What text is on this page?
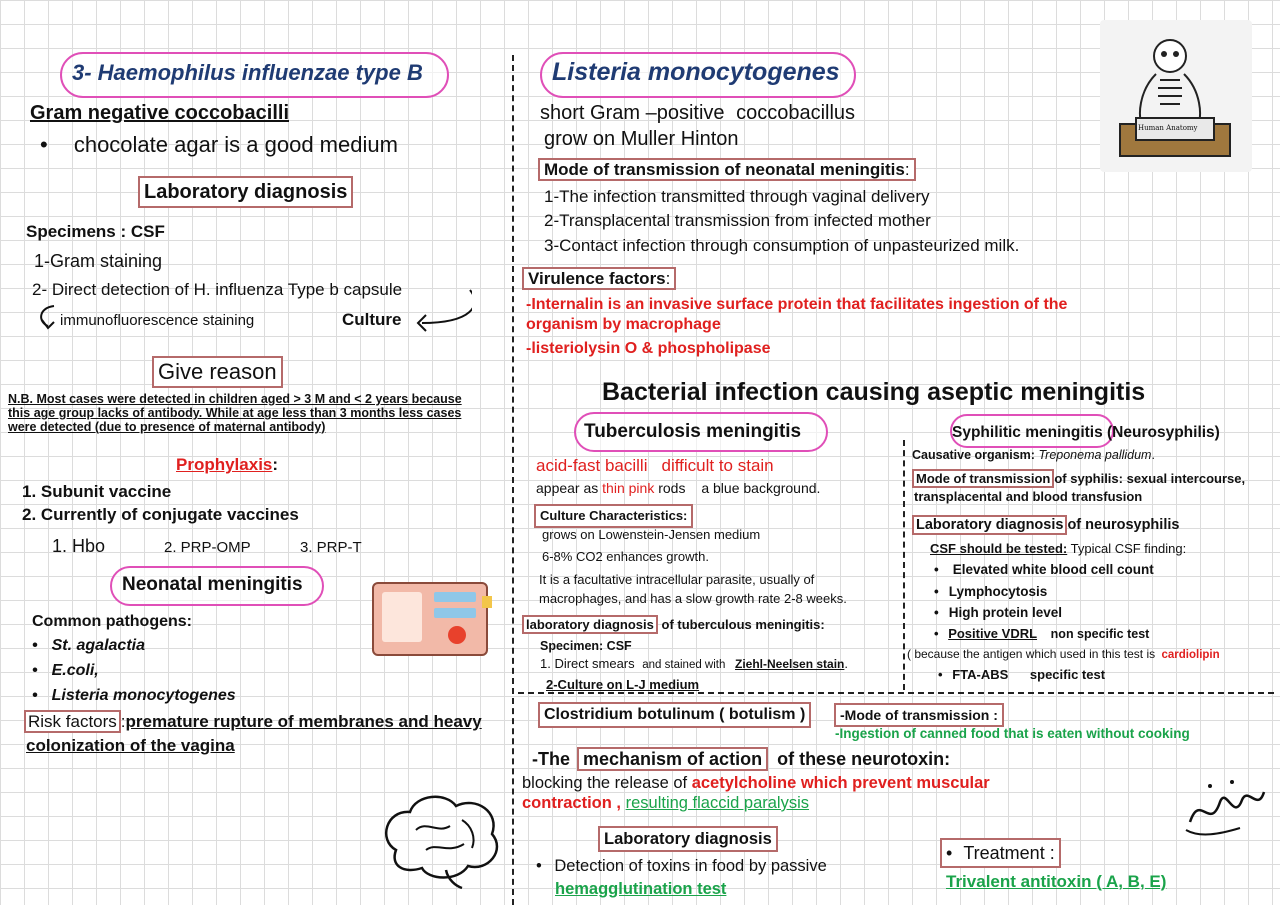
3- Haemophilus influenzae type B
Gram negative coccobacilli
• chocolate agar is a good medium
Laboratory diagnosis
Specimens : CSF
1-Gram staining
2- Direct detection of H. influenza Type b capsule
immunofluorescence staining	Culture
Give reason
N.B. Most cases were detected in children aged > 3 M and < 2 years because
this age group lacks of antibody. While at age less than 3 months less cases
were detected (due to presence of maternal antibody)
Prophylaxis:
1. Subunit vaccine
2. Currently of conjugate vaccines
1. Hbo	2. PRP-OMP	3. PRP-T
Neonatal meningitis
Common pathogens:
• St. agalactia
• E.coli,
• Listeria monocytogenes
Risk factors :premature rupture of membranes and heavy
colonization of the vagina
Listeria monocytogenes
short Gram –positive coccobacillus
grow on Muller Hinton
Mode of transmission of neonatal meningitis:
1-The infection transmitted through vaginal delivery
2-Transplacental transmission from infected mother
3-Contact infection through consumption of unpasteurized milk.
Virulence factors:
-Internalin is an invasive surface protein that facilitates ingestion of the
organism by macrophage
-listeriolysin O & phospholipase
Human Anatomy
Bacterial infection causing aseptic meningitis
Tuberculosis meningitis
acid-fast bacilli difficult to stain
appear as thin pink rods a blue background.
Culture Characteristics:
grows on Lowenstein-Jensen medium
6-8% CO2 enhances growth.
It is a facultative intracellular parasite, usually of
macrophages, and has a slow growth rate 2-8 weeks.
laboratory diagnosis of tuberculous meningitis:
Specimen: CSF
1. Direct smears and stained with Ziehl-Neelsen stain.
2-Culture on L-J medium
Syphilitic meningitis (Neurosyphilis)
Causative organism: Treponema pallidum.
Mode of transmission of syphilis: sexual intercourse,
transplacental and blood transfusion
Laboratory diagnosis of neurosyphilis
CSF should be tested: Typical CSF finding:
• Elevated white blood cell count
• Lymphocytosis
• High protein level
• Positive VDRL non specific test
( because the antigen which used in this test is cardiolipin
• FTA-ABS specific test
Clostridium botulinum ( botulism )	-Mode of transmission :
-Ingestion of canned food that is eaten without cooking
-The mechanism of action of these neurotoxin:
blocking the release of acetylcholine which prevent muscular
contraction , resulting flaccid paralysis
Laboratory diagnosis
• Detection of toxins in food by passive
hemagglutination test
• Treatment :
Trivalent antitoxin ( A, B, E)
